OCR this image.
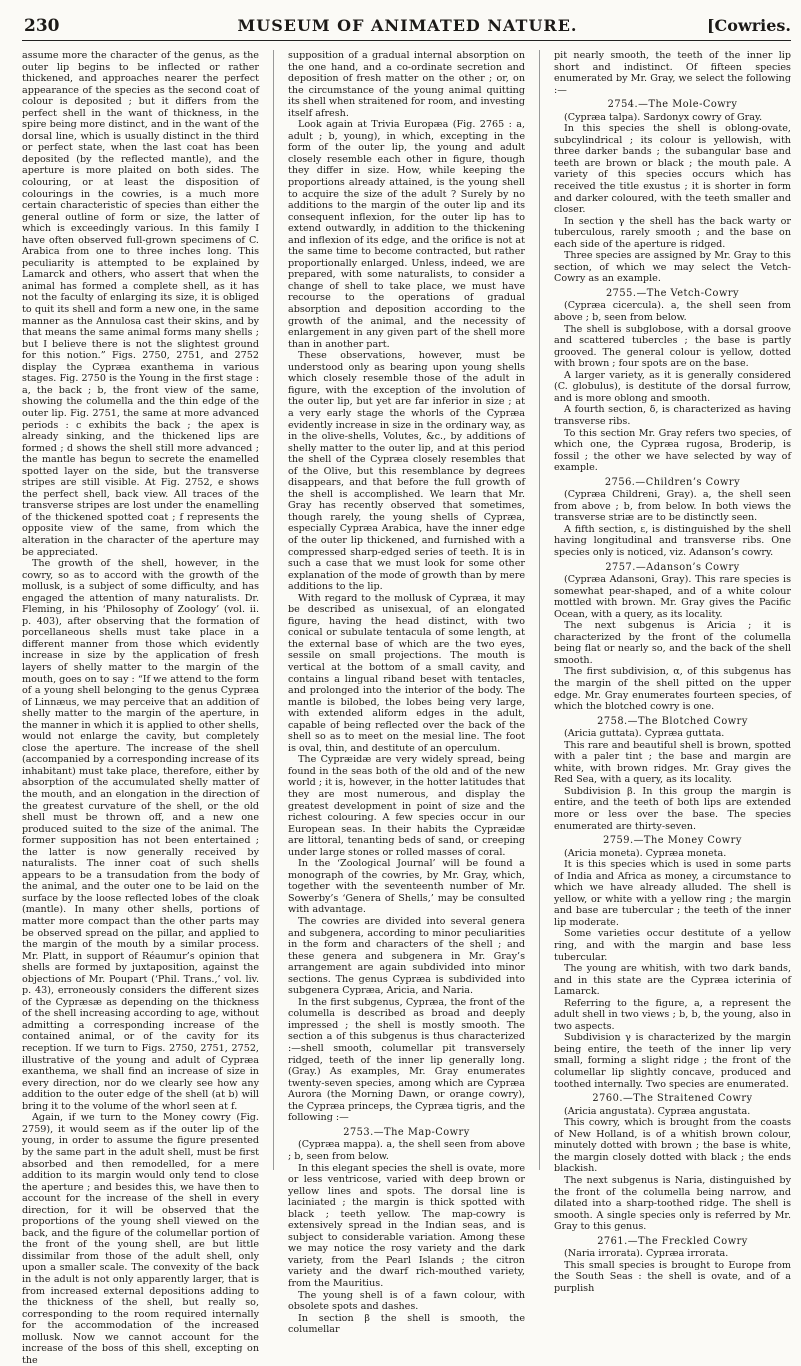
230	MUSEUM OF ANIMATED NATURE.	[Cowries.

assume more the character of the genus, as the outer lip begins to be inflected or rather thickened, and approaches nearer the perfect appearance of the species as the second coat of colour is deposited ; but it differs from the perfect shell in the want of thickness, in the spire being more distinct, and in the want of the dorsal line, which is usually distinct in the third or perfect state, when the last coat has been deposited (by the reflected mantle), and the aperture is more plaited on both sides. The colouring, or at least the disposition of colourings in the cowries, is a much more certain characteristic of species than either the general outline of form or size, the latter of which is exceedingly various. In this family I have often observed full-grown specimens of C. Arabica from one to three inches long. This peculiarity is attempted to be explained by Lamarck and others, who assert that when the animal has formed a complete shell, as it has not the faculty of enlarging its size, it is obliged to quit its shell and form a new one, in the same manner as the Annulosa cast their skins, and by that means the same animal forms many shells ; but I believe there is not the slightest ground for this notion.” Figs. 2750, 2751, and 2752 display the Cypræa exanthema in various stages. Fig. 2750 is the Young in the first stage : a, the back ; b, the front view of the same, showing the columella and the thin edge of the outer lip. Fig. 2751, the same at more advanced periods : c exhibits the back ; the apex is already sinking, and the thickened lips are formed ; d shows the shell still more advanced ; the mantle has begun to secrete the enamelled spotted layer on the side, but the transverse stripes are still visible. At Fig. 2752, e shows the perfect shell, back view. All traces of the transverse stripes are lost under the enamelling of the thickened spotted coat ; f represents the opposite view of the same, from which the alteration in the character of the aperture may be appreciated.

The growth of the shell, however, in the cowry, so as to accord with the growth of the mollusk, is a subject of some difficulty, and has engaged the attention of many naturalists. Dr. Fleming, in his ‘Philosophy of Zoology’ (vol. ii. p. 403), after observing that the formation of porcellaneous shells must take place in a different manner from those which evidently increase in size by the application of fresh layers of shelly matter to the margin of the mouth, goes on to say : “If we attend to the form of a young shell belonging to the genus Cypræa of Linnæus, we may perceive that an addition of shelly matter to the margin of the aperture, in the manner in which it is applied to other shells, would not enlarge the cavity, but completely close the aperture. The increase of the shell (accompanied by a corresponding increase of its inhabitant) must take place, therefore, either by absorption of the accumulated shelly matter of the mouth, and an elongation in the direction of the greatest curvature of the shell, or the old shell must be thrown off, and a new one produced suited to the size of the animal. The former supposition has not been entertained ; the latter is now generally received by naturalists. The inner coat of such shells appears to be a transudation from the body of the animal, and the outer one to be laid on the surface by the loose reflected lobes of the cloak (mantle). In many other shells, portions of matter more compact than the other parts may be observed spread on the pillar, and applied to the margin of the mouth by a similar process. Mr. Platt, in support of Réaumur’s opinion that shells are formed by juxtaposition, against the objections of Mr. Poupart (‘Phil. Trans.,’ vol. liv. p. 43), erroneously considers the different sizes of the Cypræsæ as depending on the thickness of the shell increasing according to age, without admitting a corresponding increase of the contained animal, or of the cavity for its reception. If we turn to Figs. 2750, 2751, 2752, illustrative of the young and adult of Cypræa exanthema, we shall find an increase of size in every direction, nor do we clearly see how any addition to the outer edge of the shell (at b) will bring it to the volume of the whorl seen at f.

Again, if we turn to the Money cowry (Fig. 2759), it would seem as if the outer lip of the young, in order to assume the figure presented by the same part in the adult shell, must be first absorbed and then remodelled, for a mere addition to its margin would only tend to close the aperture ; and besides this, we have then to account for the increase of the shell in every direction, for it will be observed that the proportions of the young shell viewed on the back, and the figure of the columellar portion of the front of the young shell, are but little dissimilar from those of the adult shell, only upon a smaller scale. The convexity of the back in the adult is not only apparently larger, that is from increased external depositions adding to the thickness of the shell, but really so, corresponding to the room required internally for the accommodation of the increased mollusk. Now we cannot account for the increase of the boss of this shell, excepting on the

supposition of a gradual internal absorption on the one hand, and a co-ordinate secretion and deposition of fresh matter on the other ; or, on the circumstance of the young animal quitting its shell when straitened for room, and investing itself afresh.

Look again at Trivia Europæa (Fig. 2765 : a, adult ; b, young), in which, excepting in the form of the outer lip, the young and adult closely resemble each other in figure, though they differ in size. How, while keeping the proportions already attained, is the young shell to acquire the size of the adult ? Surely by no additions to the margin of the outer lip and its consequent inflexion, for the outer lip has to extend outwardly, in addition to the thickening and inflexion of its edge, and the orifice is not at the same time to become contracted, but rather proportionally enlarged. Unless, indeed, we are prepared, with some naturalists, to consider a change of shell to take place, we must have recourse to the operations of gradual absorption and deposition according to the growth of the animal, and the necessity of enlargement in any given part of the shell more than in another part.

These observations, however, must be understood only as bearing upon young shells which closely resemble those of the adult in figure, with the exception of the involution of the outer lip, but yet are far inferior in size ; at a very early stage the whorls of the Cypræa evidently increase in size in the ordinary way, as in the olive-shells, Volutes, &c., by additions of shelly matter to the outer lip, and at this period the shell of the Cypræa closely resembles that of the Olive, but this resemblance by degrees disappears, and that before the full growth of the shell is accomplished. We learn that Mr. Gray has recently observed that sometimes, though rarely, the young shells of Cypræa, especially Cypræa Arabica, have the inner edge of the outer lip thickened, and furnished with a compressed sharp-edged series of teeth. It is in such a case that we must look for some other explanation of the mode of growth than by mere additions to the lip.

With regard to the mollusk of Cypræa, it may be described as unisexual, of an elongated figure, having the head distinct, with two conical or subulate tentacula of some length, at the external base of which are the two eyes, sessile on small projections. The mouth is vertical at the bottom of a small cavity, and contains a lingual riband beset with tentacles, and prolonged into the interior of the body. The mantle is bilobed, the lobes being very large, with extended aliform edges in the adult, capable of being reflected over the back of the shell so as to meet on the mesial line. The foot is oval, thin, and destitute of an operculum.

The Cypræidæ are very widely spread, being found in the seas both of the old and of the new world ; it is, however, in the hotter latitudes that they are most numerous, and display the greatest development in point of size and the richest colouring. A few species occur in our European seas. In their habits the Cypræidæ are littoral, tenanting beds of sand, or creeping under large stones or rolled masses of coral.

In the ‘Zoological Journal’ will be found a monograph of the cowries, by Mr. Gray, which, together with the seventeenth number of Mr. Sowerby’s ‘Genera of Shells,’ may be consulted with advantage.

The cowries are divided into several genera and subgenera, according to minor peculiarities in the form and characters of the shell ; and these genera and subgenera in Mr. Gray’s arrangement are again subdivided into minor sections. The genus Cypræa is subdivided into subgenera Cypræa, Aricia, and Naria.

In the first subgenus, Cypræa, the front of the columella is described as broad and deeply impressed ; the shell is mostly smooth. The section a of this subgenus is thus characterized :—shell smooth, columellar pit transversely ridged, teeth of the inner lip generally long. (Gray.) As examples, Mr. Gray enumerates twenty-seven species, among which are Cypræa Aurora (the Morning Dawn, or orange cowry), the Cypræa princeps, the Cypræa tigris, and the following :—

2753.—The Map-Cowry

(Cypræa mappa). a, the shell seen from above ; b, seen from below.

In this elegant species the shell is ovate, more or less ventricose, varied with deep brown or yellow lines and spots. The dorsal line is laciniated ; the margin is thick spotted with black ; teeth yellow. The map-cowry is extensively spread in the Indian seas, and is subject to considerable variation. Among these we may notice the rosy variety and the dark variety, from the Pearl Islands ; the citron variety and the dwarf rich-mouthed variety, from the Mauritius.

The young shell is of a fawn colour, with obsolete spots and dashes.

In section β the shell is smooth, the columellar

pit nearly smooth, the teeth of the inner lip short and indistinct. Of fifteen species enumerated by Mr. Gray, we select the following :—

2754.—The Mole-Cowry

(Cypræa talpa). Sardonyx cowry of Gray.

In this species the shell is oblong-ovate, subcylindrical ; its colour is yellowish, with three darker bands ; the subangular base and teeth are brown or black ; the mouth pale. A variety of this species occurs which has received the title exustus ; it is shorter in form and darker coloured, with the teeth smaller and closer.

In section γ the shell has the back warty or tuberculous, rarely smooth ; and the base on each side of the aperture is ridged.

Three species are assigned by Mr. Gray to this section, of which we may select the Vetch-Cowry as an example.

2755.—The Vetch-Cowry

(Cypræa cicercula). a, the shell seen from above ; b, seen from below.

The shell is subglobose, with a dorsal groove and scattered tubercles ; the base is partly grooved. The general colour is yellow, dotted with brown ; four spots are on the base.

A larger variety, as it is generally considered (C. globulus), is destitute of the dorsal furrow, and is more oblong and smooth.

A fourth section, δ, is characterized as having transverse ribs.

To this section Mr. Gray refers two species, of which one, the Cypræa rugosa, Broderip, is fossil ; the other we have selected by way of example.

2756.—Children’s Cowry

(Cypræa Childreni, Gray). a, the shell seen from above ; b, from below. In both views the transverse striæ are to be distinctly seen.

A fifth section, ε, is distinguished by the shell having longitudinal and transverse ribs. One species only is noticed, viz. Adanson’s cowry.

2757.—Adanson’s Cowry

(Cypræa Adansoni, Gray). This rare species is somewhat pear-shaped, and of a white colour mottled with brown. Mr. Gray gives the Pacific Ocean, with a query, as its locality.

The next subgenus is Aricia ; it is characterized by the front of the columella being flat or nearly so, and the back of the shell smooth.

The first subdivision, α, of this subgenus has the margin of the shell pitted on the upper edge. Mr. Gray enumerates fourteen species, of which the blotched cowry is one.

2758.—The Blotched Cowry

(Aricia guttata). Cypræa guttata.

This rare and beautiful shell is brown, spotted with a paler tint ; the base and margin are white, with brown ridges. Mr. Gray gives the Red Sea, with a query, as its locality.

Subdivision β. In this group the margin is entire, and the teeth of both lips are extended more or less over the base. The species enumerated are thirty-seven.

2759.—The Money Cowry

(Aricia moneta). Cypræa moneta.

It is this species which is used in some parts of India and Africa as money, a circumstance to which we have already alluded. The shell is yellow, or white with a yellow ring ; the margin and base are tubercular ; the teeth of the inner lip moderate.

Some varieties occur destitute of a yellow ring, and with the margin and base less tubercular.

The young are whitish, with two dark bands, and in this state are the Cypræa icterinia of Lamarck.

Referring to the figure, a, a represent the adult shell in two views ; b, b, the young, also in two aspects.

Subdivision γ is characterized by the margin being entire, the teeth of the inner lip very small, forming a slight ridge ; the front of the columellar lip slightly concave, produced and toothed internally. Two species are enumerated.

2760.—The Straitened Cowry

(Aricia angustata). Cypræa angustata.

This cowry, which is brought from the coasts of New Holland, is of a whitish brown colour, minutely dotted with brown ; the base is white, the margin closely dotted with black ; the ends blackish.

The next subgenus is Naria, distinguished by the front of the columella being narrow, and dilated into a sharp-toothed ridge. The shell is smooth. A single species only is referred by Mr. Gray to this genus.

2761.—The Freckled Cowry

(Naria irrorata). Cypræa irrorata.

This small species is brought to Europe from the South Seas : the shell is ovate, and of a purplish
